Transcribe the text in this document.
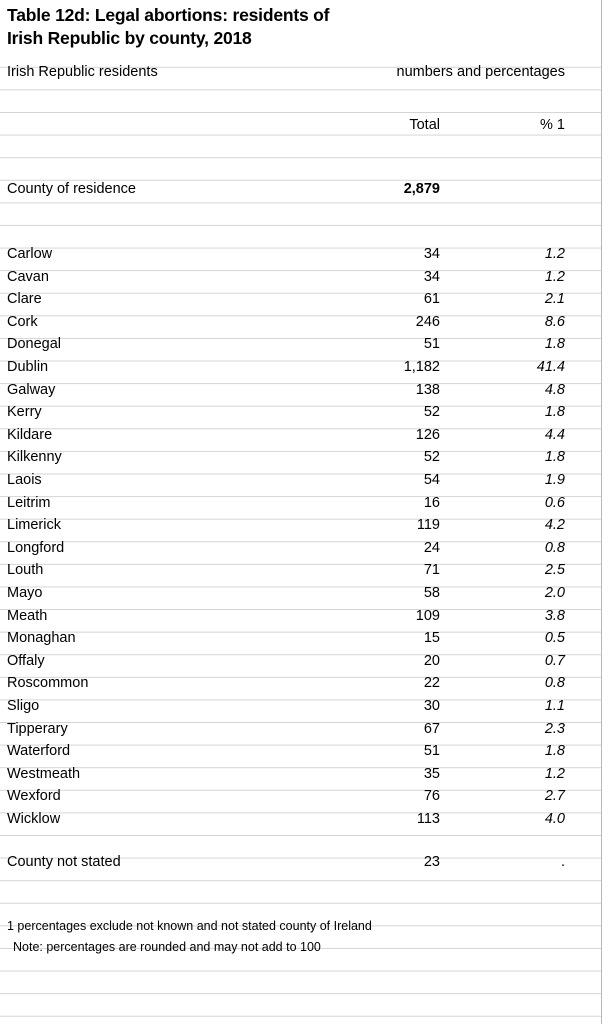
Table 12d: Legal abortions: residents of
Irish Republic by county, 2018
Irish Republic residents	numbers and percentages
Total	% 1
County of residence	2,879
Carlow	34	1.2
Cavan	34	1.2
Clare	61	2.1
Cork	246	8.6
Donegal	51	1.8
Dublin	1,182	41.4
Galway	138	4.8
Kerry	52	1.8
Kildare	126	4.4
Kilkenny	52	1.8
Laois	54	1.9
Leitrim	16	0.6
Limerick	119	4.2
Longford	24	0.8
Louth	71	2.5
Mayo	58	2.0
Meath	109	3.8
Monaghan	15	0.5
Offaly	20	0.7
Roscommon	22	0.8
Sligo	30	1.1
Tipperary	67	2.3
Waterford	51	1.8
Westmeath	35	1.2
Wexford	76	2.7
Wicklow	113	4.0
County not stated	23	.
1 percentages exclude not known and not stated county of Ireland
Note: percentages are rounded and may not add to 100
